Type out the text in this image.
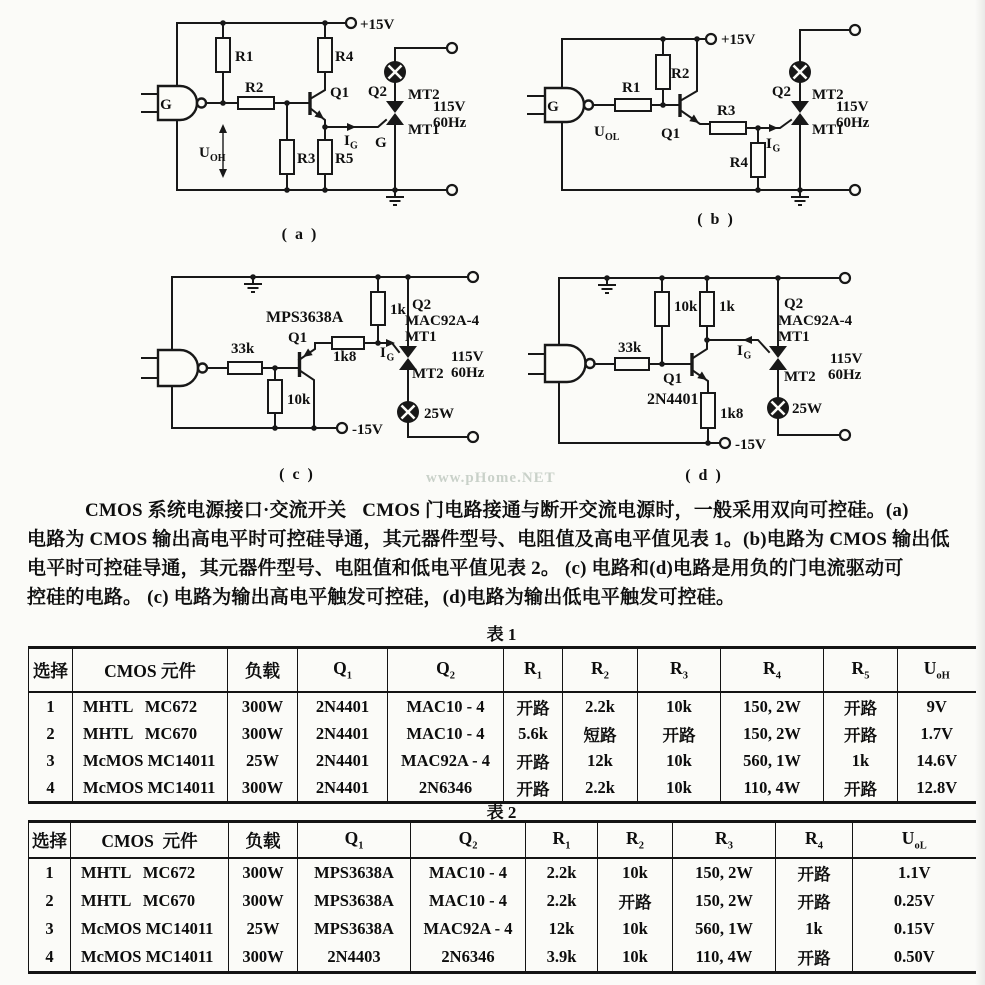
G
+15V
R1
R2
R3
R4
R5
Q1 Q2 MT2
MT1
115V
60Hz
I G G
U OH
( a )
G
+15V
R1
R2
R3
R4
Q1
U OL
Q2 MT2
MT1
115V
60Hz
I G
( b )
33k
10k
1k8
1k
MPS3638A
Q1
I G
Q2
MAC92A-4
MT1
MT2
115V
60Hz
25W
-15V
( c )
33k
10k 1k
1k8
Q1
2N4401
I G
Q2
MAC92A-4
MT1
MT2
115V
60Hz
25W
-15V
( d )
www.pHome.NET
CMOS 系统电源接口·交流开关 CMOS 门电路接通与断开交流电源时，一般采用双向可控硅。(a)
电路为 CMOS 输出高电平时可控硅导通，其元器件型号、电阻值及高电平值见表 1。(b)电路为 CMOS 输出低
电平时可控硅导通，其元器件型号、电阻值和低电平值见表 2。 (c) 电路和(d)电路是用负的门电流驱动可
控硅的电路。 (c) 电路为输出高电平触发可控硅，(d)电路为输出低电平触发可控硅。
表 1
选择	CMOS 元件	负载	$Q_1$	$Q_2$	$R_1$	$R_2$	$R_3$	$R_4$	$R_5$	$U_{oH}$
1	MHTL   MC672	300W	2N4401	MAC10 - 4	开路	2.2k	10k	150, 2W	开路	9V
2	MHTL   MC670	300W	2N4401	MAC10 - 4	5.6k	短路	开路	150, 2W	开路	1.7V
3	McMOS MC14011	25W	2N4401	MAC92A - 4	开路	12k	10k	560, 1W	1k	14.6V
4	McMOS MC14011	300W	2N4401	2N6346	开路	2.2k	10k	110, 4W	开路	12.8V
表 2
选择	CMOS  元件	负载	$Q_1$	$Q_2$	$R_1$	$R_2$	$R_3$	$R_4$	$U_{oL}$
1	MHTL   MC672	300W	MPS3638A	MAC10 - 4	2.2k	10k	150, 2W	开路	1.1V
2	MHTL   MC670	300W	MPS3638A	MAC10 - 4	2.2k	开路	150, 2W	开路	0.25V
3	McMOS MC14011	25W	MPS3638A	MAC92A - 4	12k	10k	560, 1W	1k	0.15V
4	McMOS MC14011	300W	2N4403	2N6346	3.9k	10k	110, 4W	开路	0.50V
